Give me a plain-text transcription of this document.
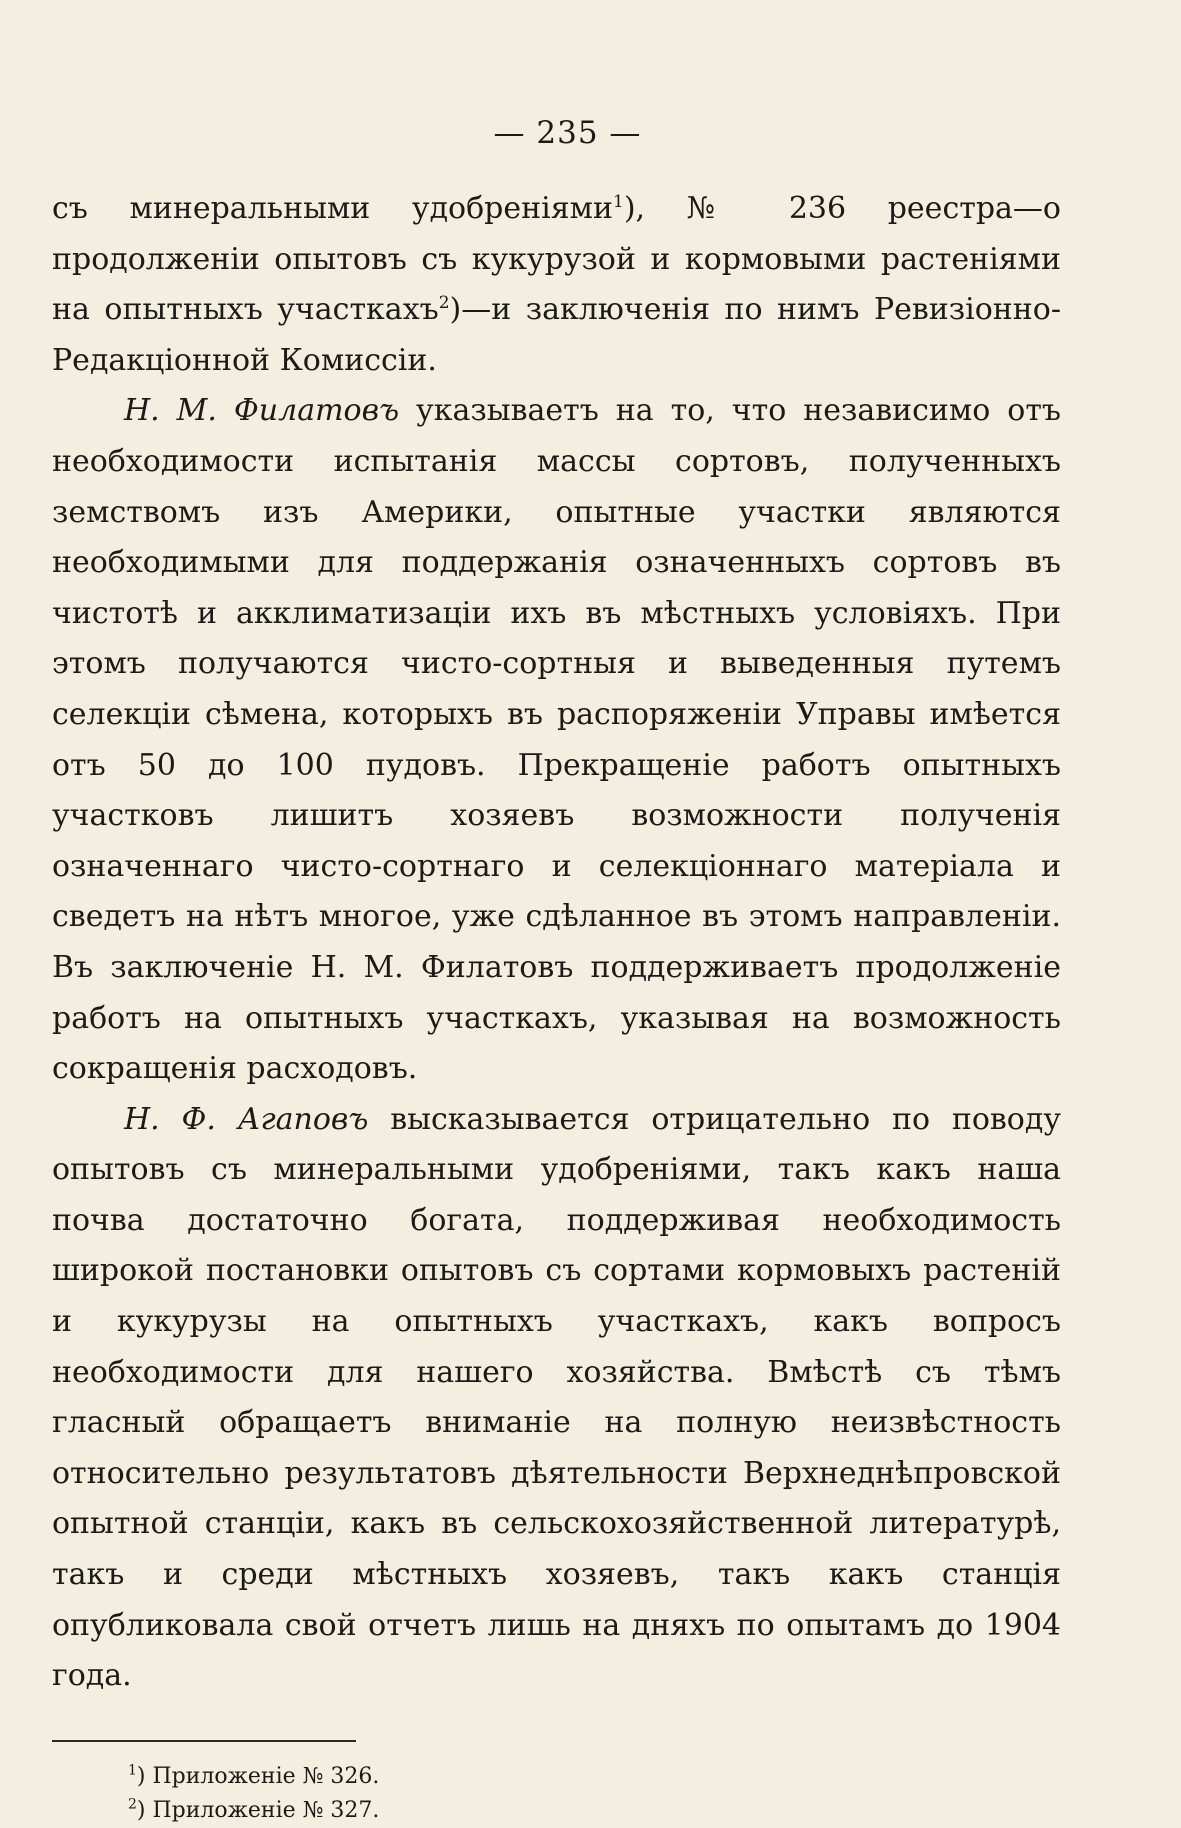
— 235 —

съ минеральными удобреніями$^1$), № 236 реестра—о продолженіи опытовъ съ кукурузой и кормовыми растеніями на опытныхъ участкахъ$^2$)—и заключенія по нимъ Ревизіонно-Редакціонной Комиссіи.

Н. М. Филатовъ указываетъ на то, что независимо отъ необходимости испытанія массы сортовъ, полученныхъ земствомъ изъ Америки, опытные участки являются необходимыми для поддержанія означенныхъ сортовъ въ чистотѣ и акклиматизаціи ихъ въ мѣстныхъ условіяхъ. При этомъ получаются чисто-сортныя и выведенныя путемъ селекціи сѣмена, которыхъ въ распоряженіи Управы имѣется отъ 50 до 100 пудовъ. Прекращеніе работъ опытныхъ участковъ лишитъ хозяевъ возможности полученія означеннаго чисто-сортнаго и селекціоннаго матеріала и сведетъ на нѣтъ многое, уже сдѣланное въ этомъ направленіи. Въ заключеніе Н. М. Филатовъ поддерживаетъ продолженіе работъ на опытныхъ участкахъ, указывая на возможность сокращенія расходовъ.

Н. Ф. Агаповъ высказывается отрицательно по поводу опытовъ съ минеральными удобреніями, такъ какъ наша почва достаточно богата, поддерживая необходимость широкой постановки опытовъ съ сортами кормовыхъ растеній и кукурузы на опытныхъ участкахъ, какъ вопросъ необходимости для нашего хозяйства. Вмѣстѣ съ тѣмъ гласный обращаетъ вниманіе на полную неизвѣстность относительно результатовъ дѣятельности Верхнеднѣпровской опытной станціи, какъ въ сельскохозяйственной литературѣ, такъ и среди мѣстныхъ хозяевъ, такъ какъ станція опубликовала свой отчетъ лишь на дняхъ по опытамъ до 1904 года.

$^1$) Приложеніе № 326.

$^2$) Приложеніе № 327.
